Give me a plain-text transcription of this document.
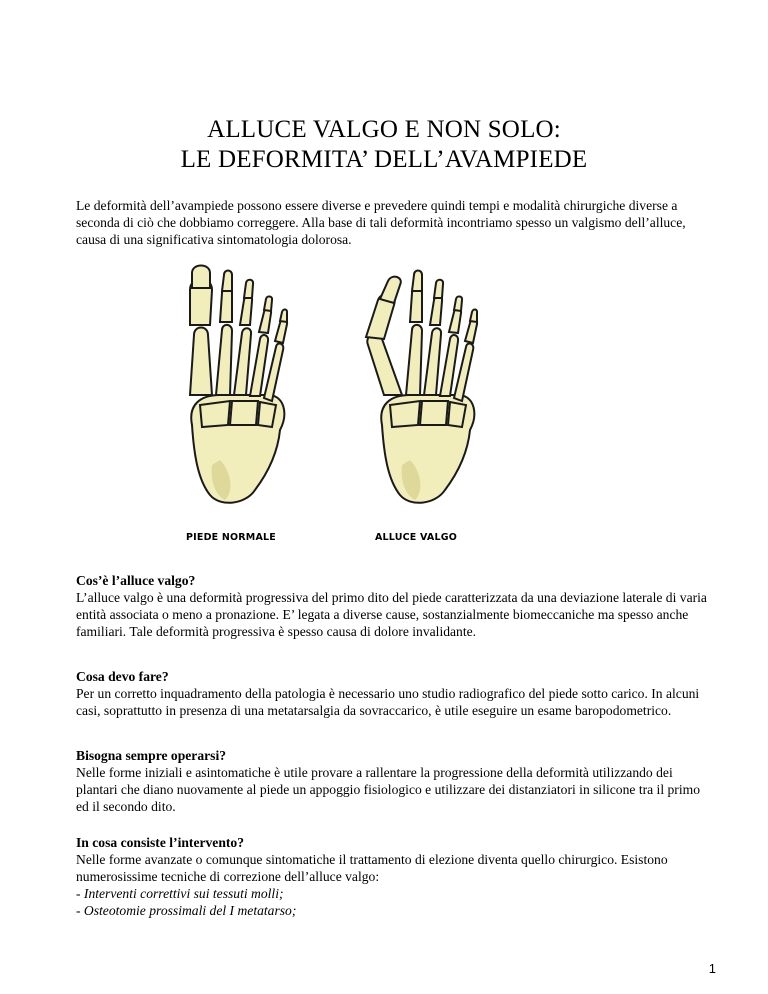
ALLUCE VALGO E NON SOLO:
LE DEFORMITA’ DELL’AVAMPIEDE

Le deformità dell’avampiede possono essere diverse e prevedere quindi tempi e modalità chirurgiche diverse a seconda di ciò che dobbiamo correggere. Alla base di tali deformità incontriamo spesso un valgismo dell’alluce, causa di una significativa sintomatologia dolorosa.

PIEDE NORMALE	ALLUCE VALGO
Cos’è l’alluce valgo?
L’alluce valgo è una deformità progressiva del primo dito del piede caratterizzata da una deviazione laterale di varia entità associata o meno a pronazione. E’ legata a diverse cause, sostanzialmente biomeccaniche ma spesso anche familiari. Tale deformità progressiva è spesso causa di dolore invalidante.
Cosa devo fare?
Per un corretto inquadramento della patologia è necessario uno studio radiografico del piede sotto carico. In alcuni casi, soprattutto in presenza di una metatarsalgia da sovraccarico, è utile eseguire un esame baropodometrico.
Bisogna sempre operarsi?
Nelle forme iniziali e asintomatiche è utile provare a rallentare la progressione della deformità utilizzando dei plantari che diano nuovamente al piede un appoggio fisiologico e utilizzare dei distanziatori in silicone tra il primo ed il secondo dito.
In cosa consiste l’intervento?
Nelle forme avanzate o comunque sintomatiche il trattamento di elezione diventa quello chirurgico. Esistono numerosissime tecniche di correzione dell’alluce valgo:
- Interventi correttivi sui tessuti molli;
- Osteotomie prossimali del I metatarso;
1
